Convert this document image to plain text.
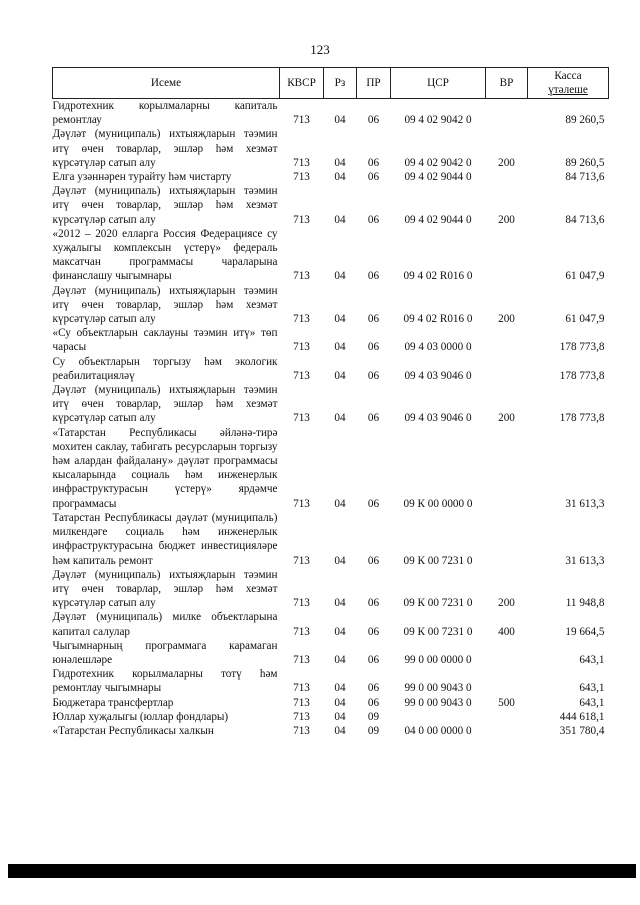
123
Исеме	КВСР	Рз	ПР	ЦСР	ВР	Касса
үтәлеше

Гидротехник корылмаларны капиталь ремонтлау	713	04	06	09 4 02 9042 0		89 260,5
Дәүләт (муниципаль) ихтыяҗларын тәэмин итү өчен товарлар, эшләр һәм хезмәт күрсәтүләр сатып алу	713	04	06	09 4 02 9042 0	200	89 260,5
Елга узәннәрен турайту һәм чистарту	713	04	06	09 4 02 9044 0		84 713,6
Дәүләт (муниципаль) ихтыяҗларын тәэмин итү өчен товарлар, эшләр һәм хезмәт күрсәтүләр сатып алу	713	04	06	09 4 02 9044 0	200	84 713,6
«2012 – 2020 елларга Россия Федерациясе су хуҗалыгы комплексын үстерү» федераль максатчан программасы чараларына финанслашу чыгымнары	713	04	06	09 4 02 R016 0		61 047,9
Дәүләт (муниципаль) ихтыяҗларын тәэмин итү өчен товарлар, эшләр һәм хезмәт күрсәтүләр сатып алу	713	04	06	09 4 02 R016 0	200	61 047,9
«Су объектларын саклауны тәэмин итү» төп чарасы	713	04	06	09 4 03 0000 0		178 773,8
Су объектларын торгызу һәм экологик реабилитацияләү	713	04	06	09 4 03 9046 0		178 773,8
Дәүләт (муниципаль) ихтыяҗларын тәэмин итү өчен товарлар, эшләр һәм хезмәт күрсәтүләр сатып алу	713	04	06	09 4 03 9046 0	200	178 773,8
«Татарстан Республикасы әйләнә-тирә мохитен саклау, табигать ресурсларын торгызу һәм алардан файдалану» дәүләт программасы кысаларында социаль һәм инженерлык инфраструктурасын үстерү» ярдәмче программасы	713	04	06	09 К 00 0000 0		31 613,3
Татарстан Республикасы дәүләт (муниципаль) милкендәге социаль һәм инженерлык инфраструктурасына бюджет инвестицияләре һәм капиталь ремонт	713	04	06	09 К 00 7231 0		31 613,3
Дәүләт (муниципаль) ихтыяҗларын тәэмин итү өчен товарлар, эшләр һәм хезмәт күрсәтүләр сатып алу	713	04	06	09 К 00 7231 0	200	11 948,8
Дәүләт (муниципаль) милке объектларына капитал салулар	713	04	06	09 К 00 7231 0	400	19 664,5
Чыгымнарның программага карамаган юнәлешләре	713	04	06	99 0 00 0000 0		643,1
Гидротехник корылмаларны тотү һәм ремонтлау чыгымнары	713	04	06	99 0 00 9043 0		643,1
Бюджетара трансфертлар	713	04	06	99 0 00 9043 0	500	643,1
Юллар хуҗалыгы (юллар фондлары)	713	04	09			444 618,1
«Татарстан Республикасы халкын	713	04	09	04 0 00 0000 0		351 780,4
